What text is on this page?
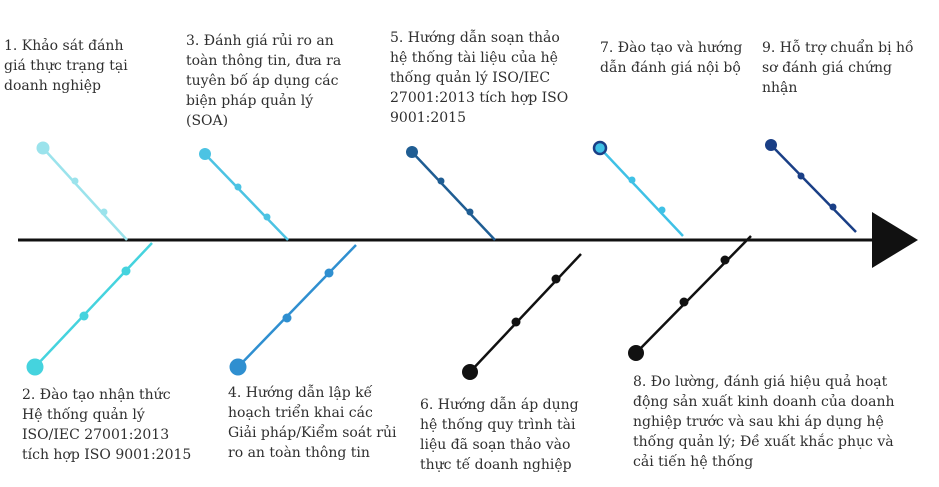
1. Khảo sát đánh
giá thực trạng tại
doanh nghiệp
2. Đào tạo nhận thức
Hệ thống quản lý
ISO/IEC 27001:2013
tích hợp ISO 9001:2015
3. Đánh giá rủi ro an
toàn thông tin, đưa ra
tuyên bố áp dụng các
biện pháp quản lý
(SOA)
4. Hướng dẫn lập kế
hoạch triển khai các
Giải pháp/Kiểm soát rủi
ro an toàn thông tin
5. Hướng dẫn soạn thảo
hệ thống tài liệu của hệ
thống quản lý ISO/IEC
27001:2013 tích hợp ISO
9001:2015
6. Hướng dẫn áp dụng
hệ thống quy trình tài
liệu đã soạn thảo vào
thực tế doanh nghiệp
7. Đào tạo và hướng
dẫn đánh giá nội bộ
8. Đo lường, đánh giá hiệu quả hoạt
động sản xuất kinh doanh của doanh
nghiệp trước và sau khi áp dụng hệ
thống quản lý; Đề xuất khắc phục và
cải tiến hệ thống
9. Hỗ trợ chuẩn bị hồ
sơ đánh giá chứng
nhận
